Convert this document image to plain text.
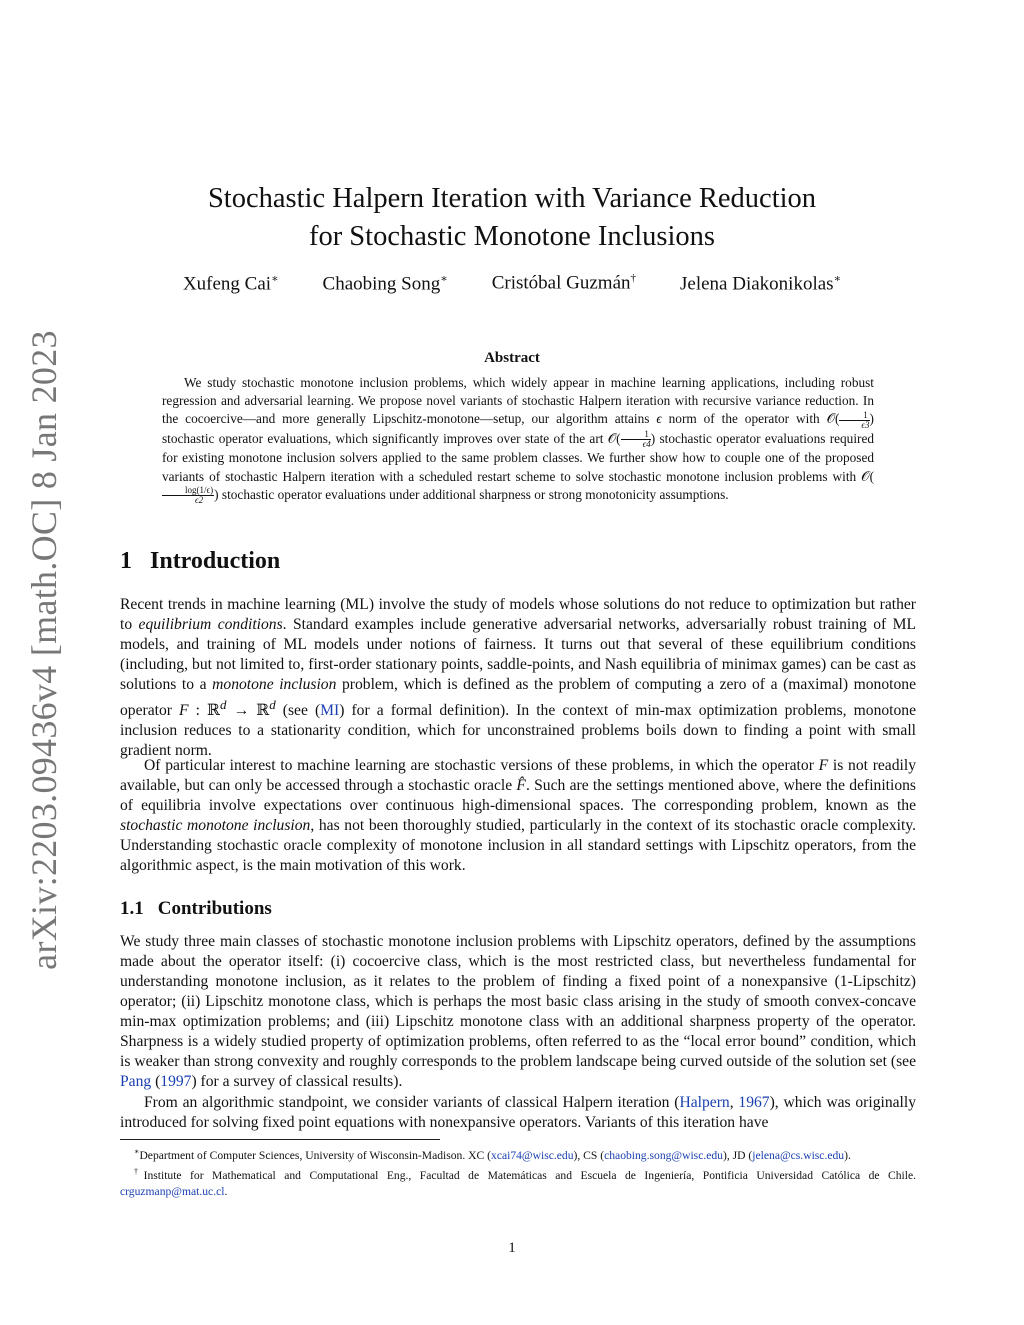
arXiv:2203.09436v4 [math.OC] 8 Jan 2023
Stochastic Halpern Iteration with Variance Reduction
for Stochastic Monotone Inclusions
Xufeng Cai∗ Chaobing Song∗ Cristóbal Guzmán† Jelena Diakonikolas∗
Abstract
We study stochastic monotone inclusion problems, which widely appear in machine learning applications, including robust regression and adversarial learning. We propose novel variants of stochastic Halpern iteration with recursive variance reduction. In the cocoercive—and more generally Lipschitz-monotone—setup, our algorithm attains ϵ norm of the operator with 𝒪( $\frac{1}{\epsilon 3}$ ) stochastic operator evaluations, which significantly improves over state of the art 𝒪( $\frac{1}{\epsilon 4}$ ) stochastic operator evaluations required for existing monotone inclusion solvers applied to the same problem classes. We further show how to couple one of the proposed variants of stochastic Halpern iteration with a scheduled restart scheme to solve stochastic monotone inclusion problems with 𝒪(
$\frac{\log(1/\epsilon)}{\epsilon 2}$ ) stochastic operator evaluations under additional sharpness or strong monotonicity assumptions.
1 Introduction
Recent trends in machine learning (ML) involve the study of models whose solutions do not reduce to optimization but rather to equilibrium conditions. Standard examples include generative adversarial networks, adversarially robust training of ML models, and training of ML models under notions of fairness. It turns out that several of these equilibrium conditions (including, but not limited to, first-order stationary points, saddle-points, and Nash equilibria of minimax games) can be cast as solutions to a monotone inclusion problem, which is defined as the problem of computing a zero of a (maximal) monotone operator F : ℝ$^d$ → ℝ$^d$ (see (MI) for a formal definition). In the context of min-max optimization problems, monotone inclusion reduces to a stationarity condition, which for unconstrained problems boils down to finding a point with small gradient norm.
Of particular interest to machine learning are stochastic versions of these problems, in which the operator F is not readily available, but can only be accessed through a stochastic oracle F̂. Such are the settings mentioned above, where the definitions of equilibria involve expectations over continuous high-dimensional spaces. The corresponding problem, known as the stochastic monotone inclusion, has not been thoroughly studied, particularly in the context of its stochastic oracle complexity. Understanding stochastic oracle complexity of monotone inclusion in all standard settings with Lipschitz operators, from the algorithmic aspect, is the main motivation of this work.
1.1 Contributions
We study three main classes of stochastic monotone inclusion problems with Lipschitz operators, defined by the assumptions made about the operator itself: (i) cocoercive class, which is the most restricted class, but nevertheless fundamental for understanding monotone inclusion, as it relates to the problem of finding a fixed point of a nonexpansive (1-Lipschitz) operator; (ii) Lipschitz monotone class, which is perhaps the most basic class arising in the study of smooth convex-concave min-max optimization problems; and (iii) Lipschitz monotone class with an additional sharpness property of the operator. Sharpness is a widely studied property of optimization problems, often referred to as the “local error bound” condition, which is weaker than strong convexity and roughly corresponds to the problem landscape being curved outside of the solution set (see Pang (1997) for a survey of classical results).
From an algorithmic standpoint, we consider variants of classical Halpern iteration (Halpern, 1967), which was originally introduced for solving fixed point equations with nonexpansive operators. Variants of this iteration have

∗Department of Computer Sciences, University of Wisconsin-Madison. XC (xcai74@wisc.edu), CS (chaobing.song@wisc.edu), JD (jelena@cs.wisc.edu).

†Institute for Mathematical and Computational Eng., Facultad de Matemáticas and Escuela de Ingeniería, Pontificia Universidad Católica de Chile. crguzmanp@mat.uc.cl.

1
